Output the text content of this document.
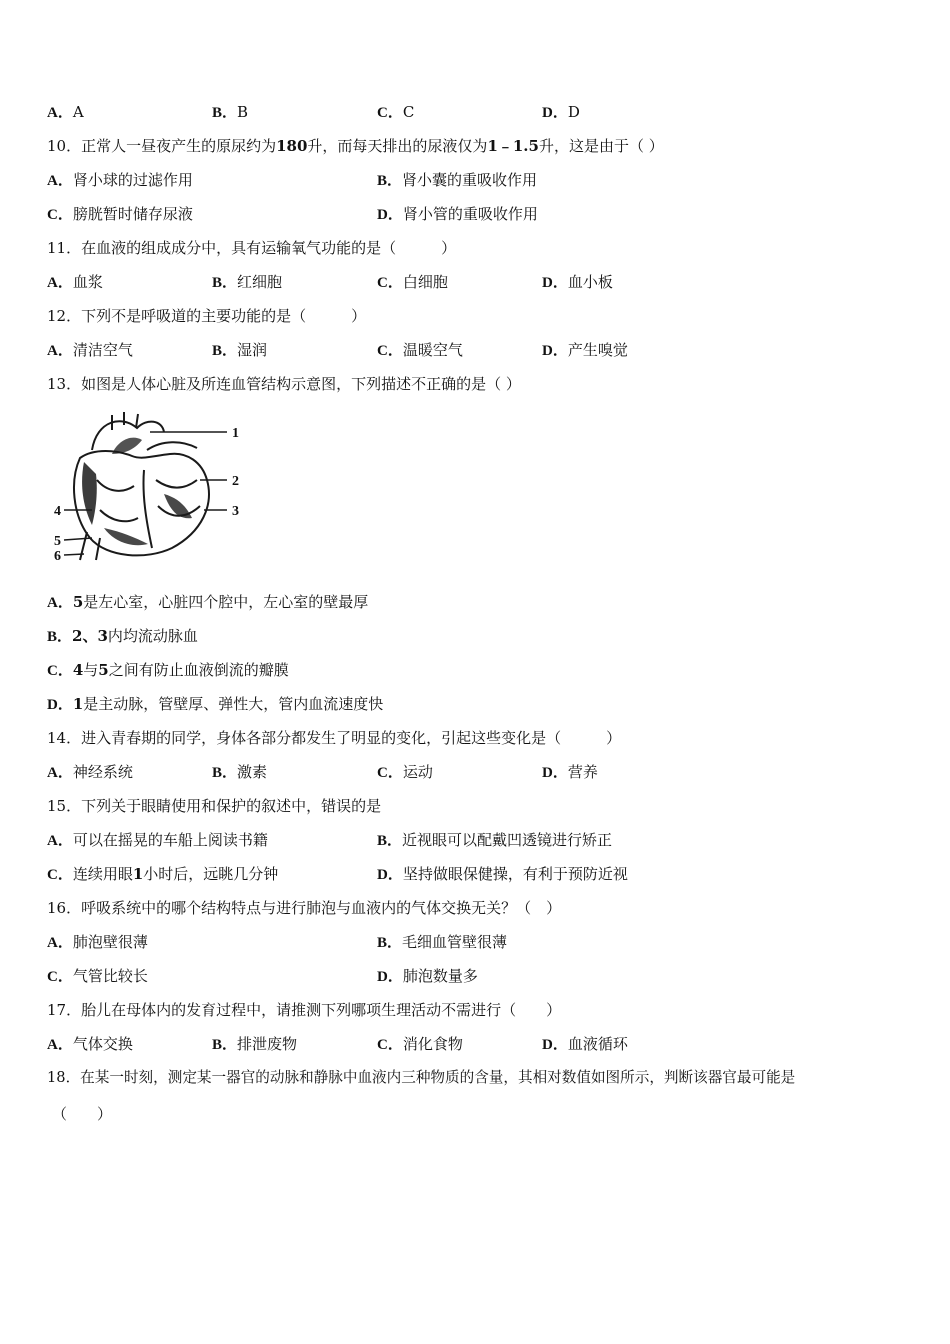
A．A	B．B	C．C	D．D
10．正常人一昼夜产生的原尿约为180升，而每天排出的尿液仅为1﹣1.5升，这是由于（ ）
A．肾小球的过滤作用	B．肾小囊的重吸收作用
C．膀胱暂时储存尿液	D．肾小管的重吸收作用
11．在血液的组成成分中，具有运输氧气功能的是（　　　）
A．血浆	B．红细胞	C．白细胞	D．血小板
12．下列不是呼吸道的主要功能的是（　　　）
A．清洁空气	B．湿润	C．温暖空气	D．产生嗅觉
13．如图是人体心脏及所连血管结构示意图，下列描述不正确的是（ ）
1
2
3
4
5
6
A．5是左心室，心脏四个腔中，左心室的壁最厚
B．2、3内均流动脉血
C．4与5之间有防止血液倒流的瓣膜
D．1是主动脉，管壁厚、弹性大，管内血流速度快
14．进入青春期的同学，身体各部分都发生了明显的变化，引起这些变化是（　　　）
A．神经系统	B．激素	C．运动	D．营养
15．下列关于眼睛使用和保护的叙述中，错误的是
A．可以在摇晃的车船上阅读书籍	B．近视眼可以配戴凹透镜进行矫正
C．连续用眼1小时后，远眺几分钟	D．坚持做眼保健操，有利于预防近视
16．呼吸系统中的哪个结构特点与进行肺泡与血液内的气体交换无关？（　）
A．肺泡壁很薄	B．毛细血管壁很薄
C．气管比较长	D．肺泡数量多
17．胎儿在母体内的发育过程中，请推测下列哪项生理活动不需进行（　　）
A．气体交换	B．排泄废物	C．消化食物	D．血液循环
18．在某一时刻，测定某一器官的动脉和静脉中血液内三种物质的含量，其相对数值如图所示，判断该器官最可能是
（　　）
